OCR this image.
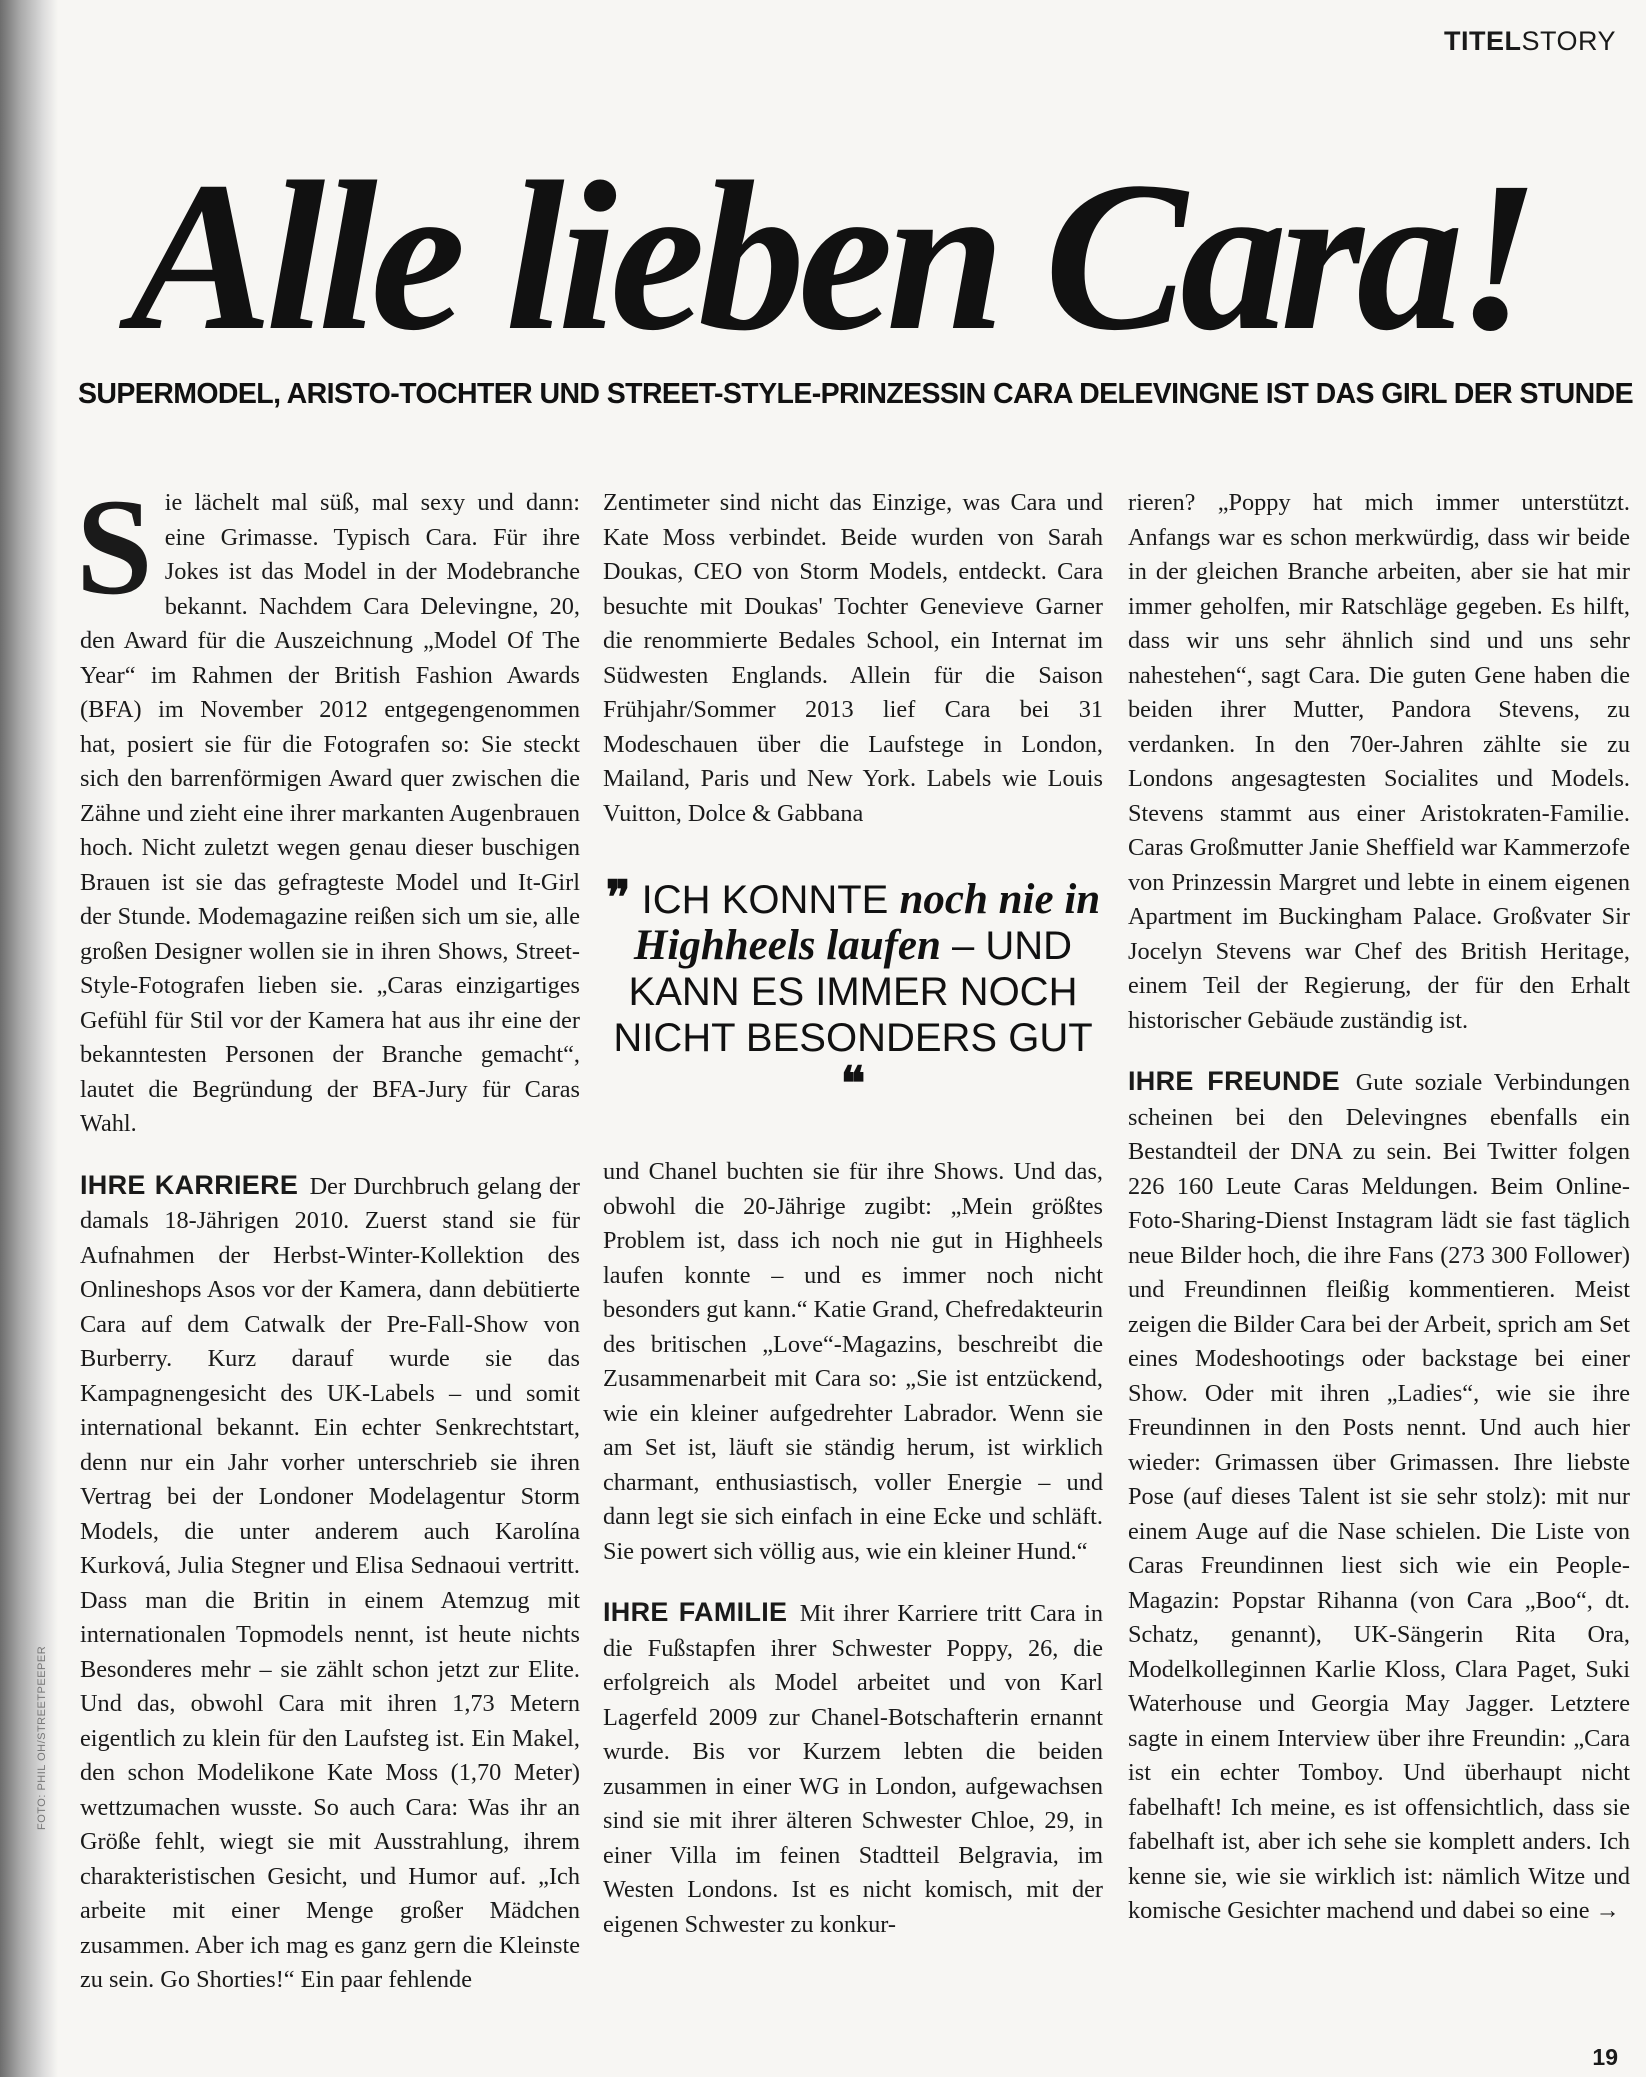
TITELSTORY
Alle lieben Cara!
SUPERMODEL, ARISTO-TOCHTER UND STREET-STYLE-PRINZESSIN CARA DELEVINGNE IST DAS GIRL DER STUNDE

Sie lächelt mal süß, mal sexy und dann: eine Grimasse. Typisch Cara. Für ihre Jokes ist das Model in der Modebranche bekannt. Nachdem Cara Delevingne, 20, den Award für die Auszeichnung „Model Of The Year“ im Rahmen der British Fashion Awards (BFA) im November 2012 entgegengenommen hat, posiert sie für die Fotografen so: Sie steckt sich den barrenförmigen Award quer zwischen die Zähne und zieht eine ihrer markanten Augenbrauen hoch. Nicht zuletzt wegen genau dieser buschigen Brauen ist sie das gefragteste Model und It-Girl der Stunde. Modemagazine reißen sich um sie, alle großen Designer wollen sie in ihren Shows, Street-Style-Fotografen lieben sie. „Caras einzigartiges Gefühl für Stil vor der Kamera hat aus ihr eine der bekanntesten Personen der Branche gemacht“, lautet die Begründung der BFA-Jury für Caras Wahl.

IHRE KARRIERE Der Durchbruch gelang der damals 18-Jährigen 2010. Zuerst stand sie für Aufnahmen der Herbst-Winter-Kollektion des Onlineshops Asos vor der Kamera, dann debütierte Cara auf dem Catwalk der Pre-Fall-Show von Burberry. Kurz darauf wurde sie das Kampagnengesicht des UK-Labels – und somit international bekannt. Ein echter Senkrechtstart, denn nur ein Jahr vorher unterschrieb sie ihren Vertrag bei der Londoner Modelagentur Storm Models, die unter anderem auch Karolína Kurková, Julia Stegner und Elisa Sednaoui vertritt. Dass man die Britin in einem Atemzug mit internationalen Topmodels nennt, ist heute nichts Besonderes mehr – sie zählt schon jetzt zur Elite. Und das, obwohl Cara mit ihren 1,73 Metern eigentlich zu klein für den Laufsteg ist. Ein Makel, den schon Modelikone Kate Moss (1,70 Meter) wettzumachen wusste. So auch Cara: Was ihr an Größe fehlt, wiegt sie mit Ausstrahlung, ihrem charakteristischen Gesicht, und Humor auf. „Ich arbeite mit einer Menge großer Mädchen zusammen. Aber ich mag es ganz gern die Kleinste zu sein. Go Shorties!“ Ein paar fehlende

Zentimeter sind nicht das Einzige, was Cara und Kate Moss verbindet. Beide wurden von Sarah Doukas, CEO von Storm Models, entdeckt. Cara besuchte mit Doukas' Tochter Genevieve Garner die renommierte Bedales School, ein Internat im Südwesten Englands. Allein für die Saison Frühjahr/Sommer 2013 lief Cara bei 31 Modeschauen über die Laufstege in London, Mailand, Paris und New York. Labels wie Louis Vuitton, Dolce & Gabbana

❞ ICH KONNTE noch nie in Highheels laufen – UND KANN ES IMMER NOCH NICHT BESONDERS GUT ❝

und Chanel buchten sie für ihre Shows. Und das, obwohl die 20-Jährige zugibt: „Mein größtes Problem ist, dass ich noch nie gut in Highheels laufen konnte – und es immer noch nicht besonders gut kann.“ Katie Grand, Chefredakteurin des britischen „Love“-Magazins, beschreibt die Zusammenarbeit mit Cara so: „Sie ist entzückend, wie ein kleiner aufgedrehter Labrador. Wenn sie am Set ist, läuft sie ständig herum, ist wirklich charmant, enthusiastisch, voller Energie – und dann legt sie sich einfach in eine Ecke und schläft. Sie powert sich völlig aus, wie ein kleiner Hund.“

IHRE FAMILIE Mit ihrer Karriere tritt Cara in die Fußstapfen ihrer Schwester Poppy, 26, die erfolgreich als Model arbeitet und von Karl Lagerfeld 2009 zur Chanel-Botschafterin ernannt wurde. Bis vor Kurzem lebten die beiden zusammen in einer WG in London, aufgewachsen sind sie mit ihrer älteren Schwester Chloe, 29, in einer Villa im feinen Stadtteil Belgravia, im Westen Londons. Ist es nicht komisch, mit der eigenen Schwester zu konkur-

rieren? „Poppy hat mich immer unterstützt. Anfangs war es schon merkwürdig, dass wir beide in der gleichen Branche arbeiten, aber sie hat mir immer geholfen, mir Ratschläge gegeben. Es hilft, dass wir uns sehr ähnlich sind und uns sehr nahestehen“, sagt Cara. Die guten Gene haben die beiden ihrer Mutter, Pandora Stevens, zu verdanken. In den 70er-Jahren zählte sie zu Londons angesagtesten Socialites und Models. Stevens stammt aus einer Aristokraten-Familie. Caras Großmutter Janie Sheffield war Kammerzofe von Prinzessin Margret und lebte in einem eigenen Apartment im Buckingham Palace. Großvater Sir Jocelyn Stevens war Chef des British Heritage, einem Teil der Regierung, der für den Erhalt historischer Gebäude zuständig ist.

IHRE FREUNDE Gute soziale Verbindungen scheinen bei den Delevingnes ebenfalls ein Bestandteil der DNA zu sein. Bei Twitter folgen 226 160 Leute Caras Meldungen. Beim Online-Foto-Sharing-Dienst Instagram lädt sie fast täglich neue Bilder hoch, die ihre Fans (273 300 Follower) und Freundinnen fleißig kommentieren. Meist zeigen die Bilder Cara bei der Arbeit, sprich am Set eines Modeshootings oder backstage bei einer Show. Oder mit ihren „Ladies“, wie sie ihre Freundinnen in den Posts nennt. Und auch hier wieder: Grimassen über Grimassen. Ihre liebste Pose (auf dieses Talent ist sie sehr stolz): mit nur einem Auge auf die Nase schielen. Die Liste von Caras Freundinnen liest sich wie ein People-Magazin: Popstar Rihanna (von Cara „Boo“, dt. Schatz, genannt), UK-Sängerin Rita Ora, Modelkolleginnen Karlie Kloss, Clara Paget, Suki Waterhouse und Georgia May Jagger. Letztere sagte in einem Interview über ihre Freundin: „Cara ist ein echter Tomboy. Und überhaupt nicht fabelhaft! Ich meine, es ist offensichtlich, dass sie fabelhaft ist, aber ich sehe sie komplett anders. Ich kenne sie, wie sie wirklich ist: nämlich Witze und komische Gesichter machend und dabei so eine →

FOTO: PHIL OH/STREETPEEPER
19
